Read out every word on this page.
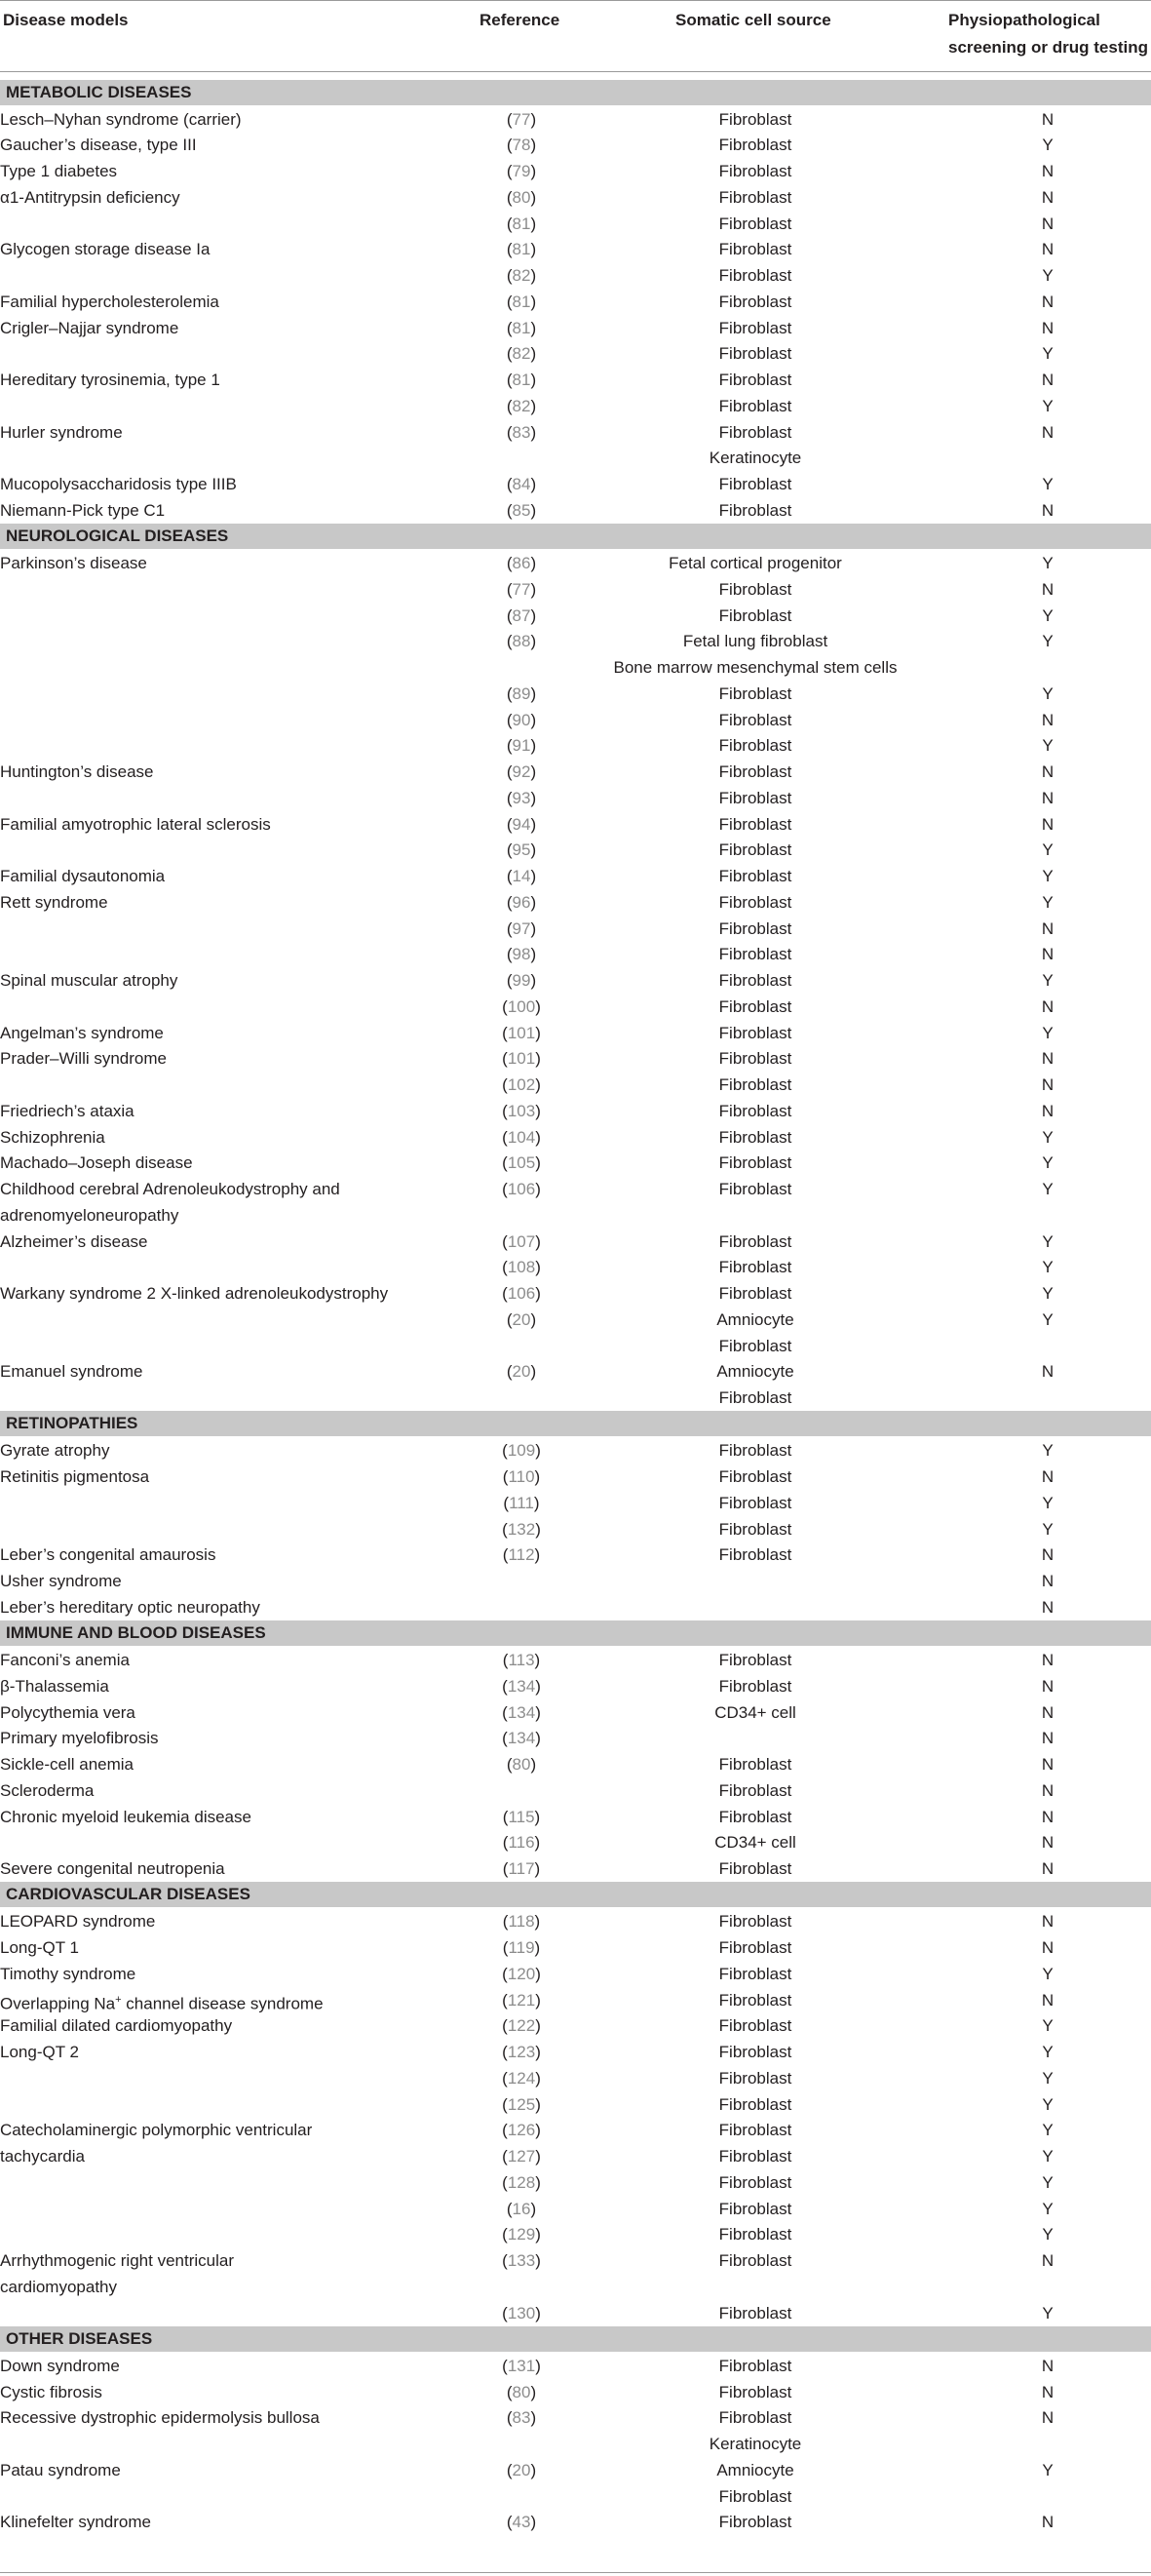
Disease models	Reference	Somatic cell source	Physiopathological
screening or drug testing
METABOLIC DISEASES
Lesch–Nyhan syndrome (carrier)	(77)	Fibroblast	N
Gaucher’s disease, type III	(78)	Fibroblast	Y
Type 1 diabetes	(79)	Fibroblast	N
α1-Antitrypsin deficiency	(80)	Fibroblast	N
(81)	Fibroblast	N
Glycogen storage disease Ia	(81)	Fibroblast	N
(82)	Fibroblast	Y
Familial hypercholesterolemia	(81)	Fibroblast	N
Crigler–Najjar syndrome	(81)	Fibroblast	N
(82)	Fibroblast	Y
Hereditary tyrosinemia, type 1	(81)	Fibroblast	N
(82)	Fibroblast	Y
Hurler syndrome	(83)	Fibroblast	N
Keratinocyte
Mucopolysaccharidosis type IIIB	(84)	Fibroblast	Y
Niemann-Pick type C1	(85)	Fibroblast	N
NEUROLOGICAL DISEASES
Parkinson’s disease	(86)	Fetal cortical progenitor	Y
(77)	Fibroblast	N
(87)	Fibroblast	Y
(88)	Fetal lung fibroblast	Y
Bone marrow mesenchymal stem cells
(89)	Fibroblast	Y
(90)	Fibroblast	N
(91)	Fibroblast	Y
Huntington’s disease	(92)	Fibroblast	N
(93)	Fibroblast	N
Familial amyotrophic lateral sclerosis	(94)	Fibroblast	N
(95)	Fibroblast	Y
Familial dysautonomia	(14)	Fibroblast	Y
Rett syndrome	(96)	Fibroblast	Y
(97)	Fibroblast	N
(98)	Fibroblast	N
Spinal muscular atrophy	(99)	Fibroblast	Y
(100)	Fibroblast	N
Angelman’s syndrome	(101)	Fibroblast	Y
Prader–Willi syndrome	(101)	Fibroblast	N
(102)	Fibroblast	N
Friedriech’s ataxia	(103)	Fibroblast	N
Schizophrenia	(104)	Fibroblast	Y
Machado–Joseph disease	(105)	Fibroblast	Y
Childhood cerebral Adrenoleukodystrophy and	(106)	Fibroblast	Y
adrenomyeloneuropathy
Alzheimer’s disease	(107)	Fibroblast	Y
(108)	Fibroblast	Y
Warkany syndrome 2 X-linked adrenoleukodystrophy	(106)	Fibroblast	Y
(20)	Amniocyte	Y
Fibroblast
Emanuel syndrome	(20)	Amniocyte	N
Fibroblast
RETINOPATHIES
Gyrate atrophy	(109)	Fibroblast	Y
Retinitis pigmentosa	(110)	Fibroblast	N
(111)	Fibroblast	Y
(132)	Fibroblast	Y
Leber’s congenital amaurosis	(112)	Fibroblast	N
Usher syndrome	N
Leber’s hereditary optic neuropathy	N
IMMUNE AND BLOOD DISEASES
Fanconi’s anemia	(113)	Fibroblast	N
β-Thalassemia	(134)	Fibroblast	N
Polycythemia vera	(134)	CD34+ cell	N
Primary myelofibrosis	(134)	N
Sickle-cell anemia	(80)	Fibroblast	N
Scleroderma	Fibroblast	N
Chronic myeloid leukemia disease	(115)	Fibroblast	N
(116)	CD34+ cell	N
Severe congenital neutropenia	(117)	Fibroblast	N
CARDIOVASCULAR DISEASES
LEOPARD syndrome	(118)	Fibroblast	N
Long-QT 1	(119)	Fibroblast	N
Timothy syndrome	(120)	Fibroblast	Y
Overlapping Na+ channel disease syndrome	(121)	Fibroblast	N
Familial dilated cardiomyopathy	(122)	Fibroblast	Y
Long-QT 2	(123)	Fibroblast	Y
(124)	Fibroblast	Y
(125)	Fibroblast	Y
Catecholaminergic polymorphic ventricular	(126)	Fibroblast	Y
tachycardia	(127)	Fibroblast	Y
(128)	Fibroblast	Y
(16)	Fibroblast	Y
(129)	Fibroblast	Y
Arrhythmogenic right ventricular	(133)	Fibroblast	N
cardiomyopathy
(130)	Fibroblast	Y
OTHER DISEASES
Down syndrome	(131)	Fibroblast	N
Cystic fibrosis	(80)	Fibroblast	N
Recessive dystrophic epidermolysis bullosa	(83)	Fibroblast	N
Keratinocyte
Patau syndrome	(20)	Amniocyte	Y
Fibroblast
Klinefelter syndrome	(43)	Fibroblast	N
